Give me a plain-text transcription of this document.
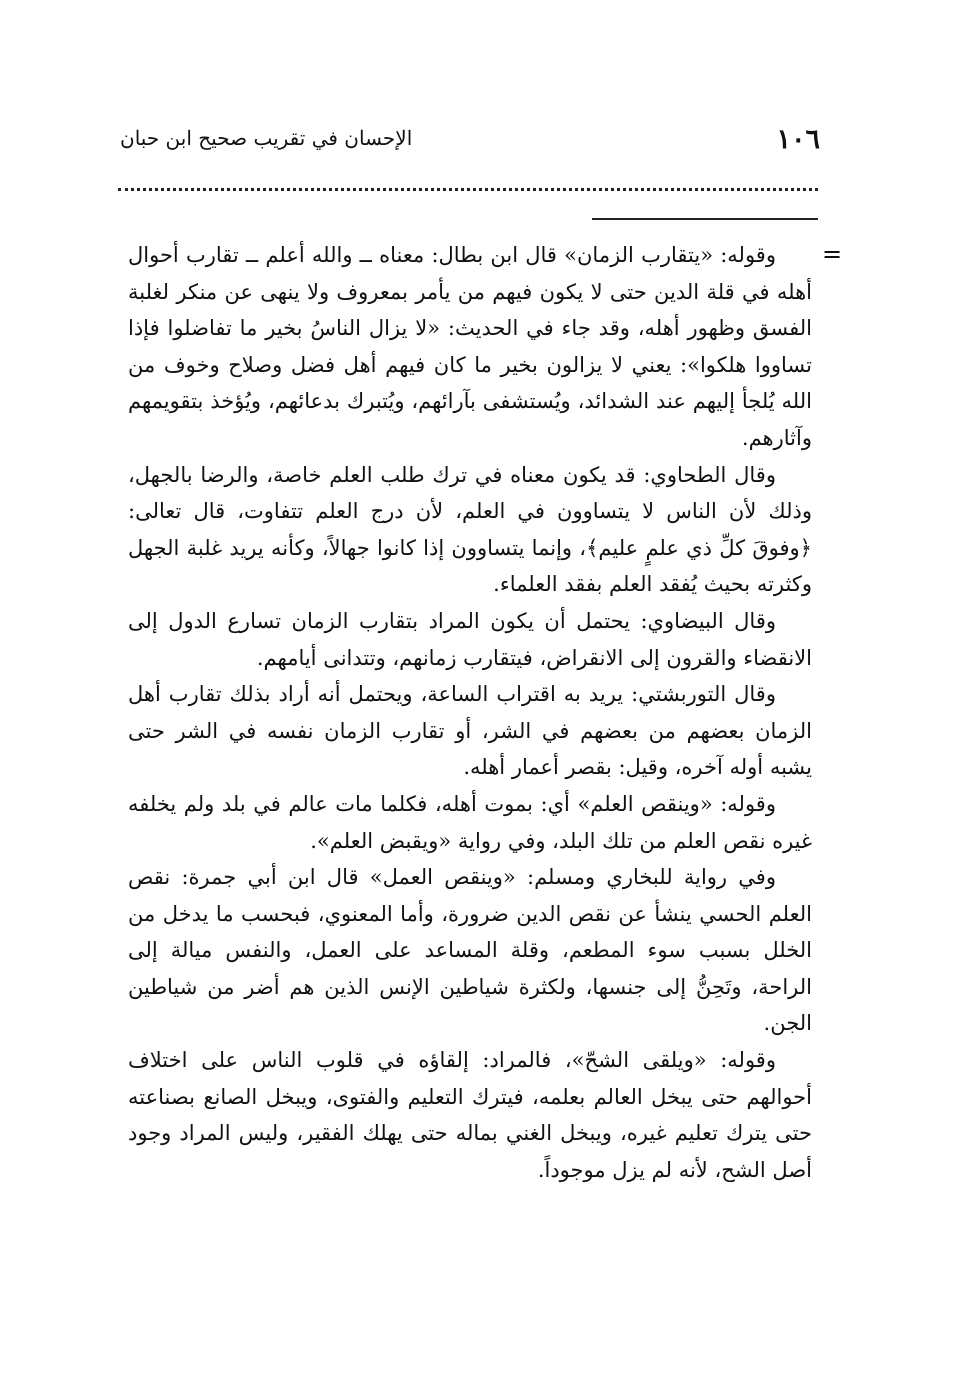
١٠٦
الإحسان في تقريب صحيح ابن حبان
=

وقوله: «يتقارب الزمان» قال ابن بطال: معناه ــ والله أعلم ــ تقارب أحوال أهله في قلة الدين حتى لا يكون فيهم من يأمر بمعروف ولا ينهى عن منكر لغلبة الفسق وظهور أهله، وقد جاء في الحديث: «لا يزال الناسُ بخير ما تفاضلوا فإذا تساووا هلكوا»: يعني لا يزالون بخير ما كان فيهم أهل فضل وصلاح وخوف من الله يُلجأ إليهم عند الشدائد، ويُستشفى بآرائهم، ويُتبرك بدعائهم، ويُؤخذ بتقويمهم وآثارهم.

وقال الطحاوي: قد يكون معناه في ترك طلب العلم خاصة، والرضا بالجهل، وذلك لأن الناس لا يتساوون في العلم، لأن درج العلم تتفاوت، قال تعالى: ﴿وفوقَ كلِّ ذي علمٍ عليم﴾، وإنما يتساوون إذا كانوا جهالاً، وكأنه يريد غلبة الجهل وكثرته بحيث يُفقد العلم بفقد العلماء.

وقال البيضاوي: يحتمل أن يكون المراد بتقارب الزمان تسارع الدول إلى الانقضاء والقرون إلى الانقراض، فيتقارب زمانهم، وتتدانى أيامهم.

وقال التوربشتي: يريد به اقتراب الساعة، ويحتمل أنه أراد بذلك تقارب أهل الزمان بعضهم من بعضهم في الشر، أو تقارب الزمان نفسه في الشر حتى يشبه أوله آخره، وقيل: بقصر أعمار أهله.

وقوله: «وينقص العلم» أي: بموت أهله، فكلما مات عالم في بلد ولم يخلفه غيره نقص العلم من تلك البلد، وفي رواية «ويقبض العلم».

وفي رواية للبخاري ومسلم: «وينقص العمل» قال ابن أبي جمرة: نقص العلم الحسي ينشأ عن نقص الدين ضرورة، وأما المعنوي، فبحسب ما يدخل من الخلل بسبب سوء المطعم، وقلة المساعد على العمل، والنفس ميالة إلى الراحة، وتَحِنُّ إلى جنسها، ولكثرة شياطين الإنس الذين هم أضر من شياطين الجن.

وقوله: «ويلقى الشحّ»، فالمراد: إلقاؤه في قلوب الناس على اختلاف أحوالهم حتى يبخل العالم بعلمه، فيترك التعليم والفتوى، ويبخل الصانع بصناعته حتى يترك تعليم غيره، ويبخل الغني بماله حتى يهلك الفقير، وليس المراد وجود أصل الشح، لأنه لم يزل موجوداً.
